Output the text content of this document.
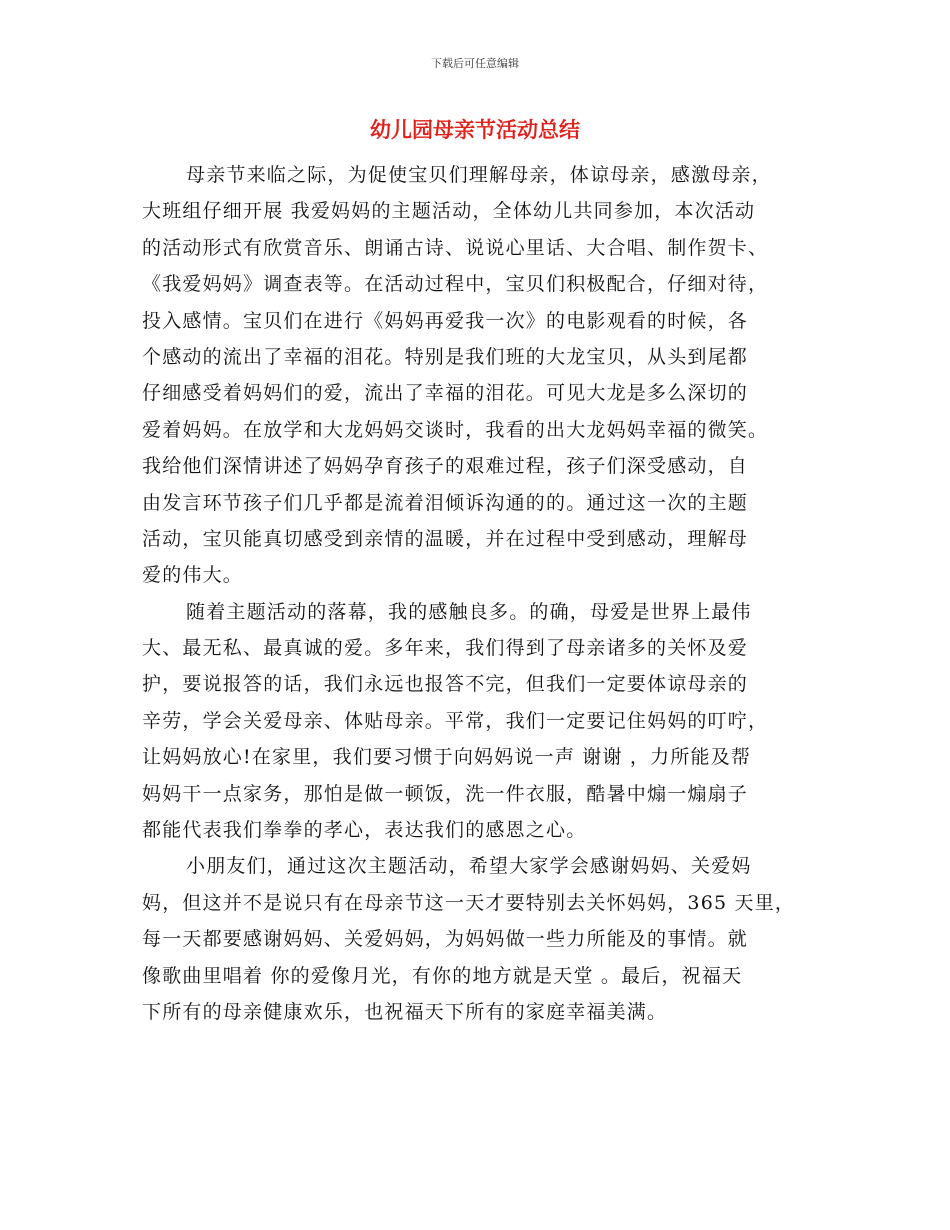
下载后可任意编辑
幼儿园母亲节活动总结

母亲节来临之际，为促使宝贝们理解母亲，体谅母亲，感激母亲，
大班组仔细开展 我爱妈妈的主题活动，全体幼儿共同参加，本次活动
的活动形式有欣赏音乐、朗诵古诗、说说心里话、大合唱、制作贺卡、
《我爱妈妈》调查表等。在活动过程中，宝贝们积极配合，仔细对待，
投入感情。宝贝们在进行《妈妈再爱我一次》的电影观看的时候，各
个感动的流出了幸福的泪花。特别是我们班的大龙宝贝，从头到尾都
仔细感受着妈妈们的爱，流出了幸福的泪花。可见大龙是多么深切的
爱着妈妈。在放学和大龙妈妈交谈时，我看的出大龙妈妈幸福的微笑。
我给他们深情讲述了妈妈孕育孩子的艰难过程，孩子们深受感动，自
由发言环节孩子们几乎都是流着泪倾诉沟通的的。通过这一次的主题
活动，宝贝能真切感受到亲情的温暖，并在过程中受到感动，理解母
爱的伟大。

随着主题活动的落幕，我的感触良多。的确，母爱是世界上最伟
大、最无私、最真诚的爱。多年来，我们得到了母亲诸多的关怀及爱
护，要说报答的话，我们永远也报答不完，但我们一定要体谅母亲的
辛劳，学会关爱母亲、体贴母亲。平常，我们一定要记住妈妈的叮咛，
让妈妈放心!在家里，我们要习惯于向妈妈说一声 谢谢 ，力所能及帮
妈妈干一点家务，那怕是做一顿饭，洗一件衣服，酷暑中煽一煽扇子
都能代表我们拳拳的孝心，表达我们的感恩之心。

小朋友们，通过这次主题活动，希望大家学会感谢妈妈、关爱妈
妈，但这并不是说只有在母亲节这一天才要特别去关怀妈妈，365 天里，
每一天都要感谢妈妈、关爱妈妈，为妈妈做一些力所能及的事情。就
像歌曲里唱着 你的爱像月光，有你的地方就是天堂 。最后，祝福天
下所有的母亲健康欢乐，也祝福天下所有的家庭幸福美满。
